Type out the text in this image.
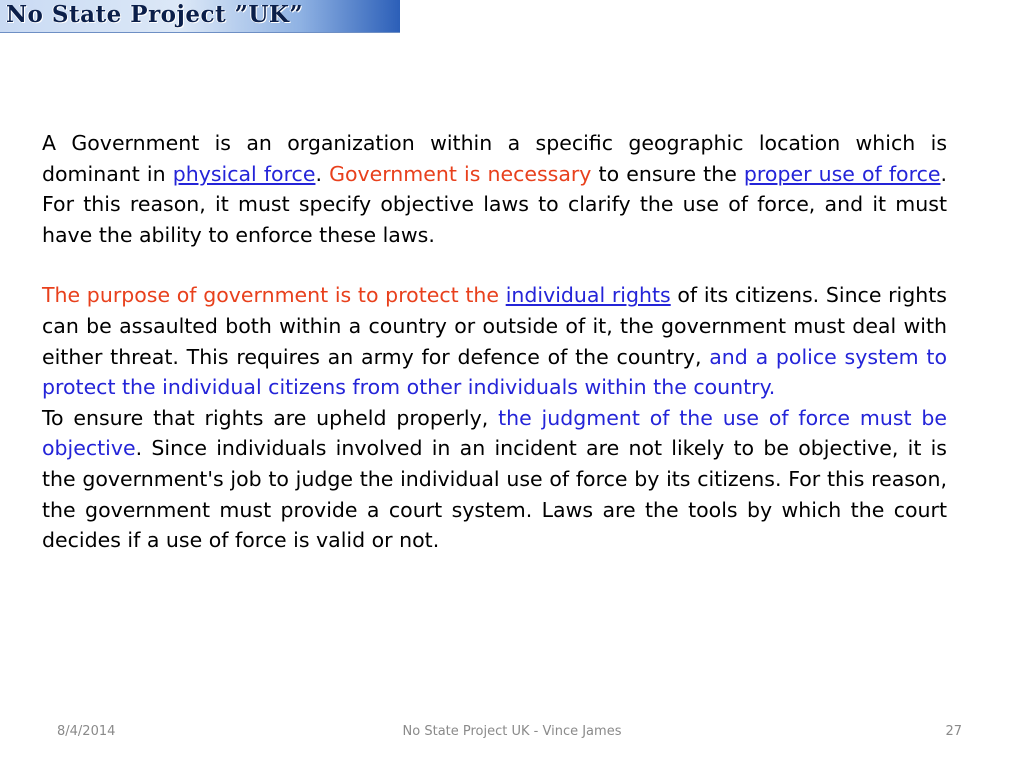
No State Project ”UK”

A Government is an organization within a specific geographic location which is dominant in physical force. Government is necessary to ensure the proper use of force. For this reason, it must specify objective laws to clarify the use of force, and it must have the ability to enforce these laws.

The purpose of government is to protect the individual rights of its citizens. Since rights can be assaulted both within a country or outside of it, the government must deal with either threat. This requires an army for defence of the country, and a police system to protect the individual citizens from other individuals within the country.

To ensure that rights are upheld properly, the judgment of the use of force must be objective. Since individuals involved in an incident are not likely to be objective, it is the government's job to judge the individual use of force by its citizens. For this reason, the government must provide a court system. Laws are the tools by which the court decides if a use of force is valid or not.

8/4/2014	No State Project UK - Vince James	27
